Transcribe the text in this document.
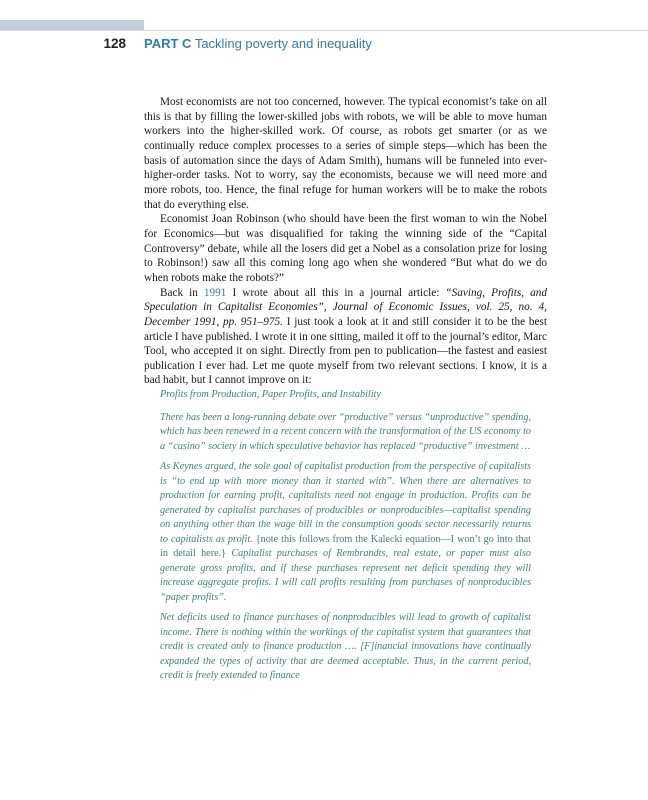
128 PART C Tackling poverty and inequality

Most economists are not too concerned, however. The typical economist’s take on all this is that by filling the lower-skilled jobs with robots, we will be able to move human workers into the higher-skilled work. Of course, as robots get smarter (or as we continually reduce complex processes to a series of simple steps—which has been the basis of automation since the days of Adam Smith), humans will be funneled into ever-higher-order tasks. Not to worry, say the economists, because we will need more and more robots, too. Hence, the final refuge for human workers will be to make the robots that do everything else.

Economist Joan Robinson (who should have been the first woman to win the Nobel for Economics—but was disqualified for taking the winning side of the “Capital Controversy” debate, while all the losers did get a Nobel as a consolation prize for losing to Robinson!) saw all this coming long ago when she wondered “But what do we do when robots make the robots?”

Back in 1991 I wrote about all this in a journal article: “Saving, Profits, and Speculation in Capitalist Economies”, Journal of Economic Issues, vol. 25, no. 4, December 1991, pp. 951–975. I just took a look at it and still consider it to be the best article I have published. I wrote it in one sitting, mailed it off to the journal’s editor, Marc Tool, who accepted it on sight. Directly from pen to publication—the fastest and easiest publication I ever had. Let me quote myself from two relevant sections. I know, it is a bad habit, but I cannot improve on it:

Profits from Production, Paper Profits, and Instability

There has been a long-running debate over “productive” versus “unproductive” spending, which has been renewed in a recent concern with the transformation of the US economy to a “casino” society in which speculative behavior has replaced “productive” investment …

As Keynes argued, the sole goal of capitalist production from the perspective of capitalists is “to end up with more money than it started with”. When there are alternatives to production for earning profit, capitalists need not engage in production. Profits can be generated by capitalist purchases of producibles or nonproducibles—capitalist spending on anything other than the wage bill in the consumption goods sector necessarily returns to capitalists as profit. {note this follows from the Kalecki equation—I won’t go into that in detail here.} Capitalist purchases of Rembrandts, real estate, or paper must also generate gross profits, and if these purchases represent net deficit spending they will increase aggregate profits. I will call profits resulting from purchases of nonproducibles “paper profits”.

Net deficits used to finance purchases of nonproducibles will lead to growth of capitalist income. There is nothing within the workings of the capitalist system that guarantees that credit is created only to finance production …. [F]inancial innovations have continually expanded the types of activity that are deemed acceptable. Thus, in the current period, credit is freely extended to finance
